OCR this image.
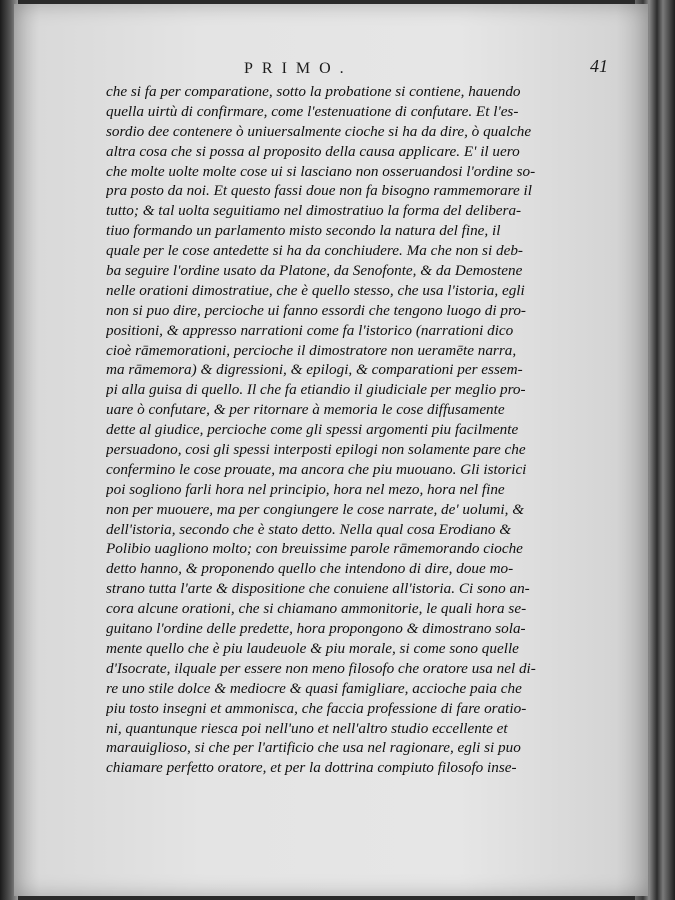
PRIMO.	41
che si fa per comparatione, sotto la probatione si contiene, hauendo
quella uirtù di confirmare, come l'estenuatione di confutare. Et l'es-
sordio dee contenere ò uniuersalmente cioche si ha da dire, ò qualche
altra cosa che si possa al proposito della causa applicare. E' il uero
che molte uolte molte cose ui si lasciano non osseruandosi l'ordine so-
pra posto da noi. Et questo fassi doue non fa bisogno rammemorare il
tutto; & tal uolta seguitiamo nel dimostratiuo la forma del delibera-
tiuo formando un parlamento misto secondo la natura del fine, il
quale per le cose antedette si ha da conchiudere. Ma che non si deb-
ba seguire l'ordine usato da Platone, da Senofonte, & da Demostene
nelle orationi dimostratiue, che è quello stesso, che usa l'istoria, egli
non si puo dire, percioche ui fanno essordi che tengono luogo di pro-
positioni, & appresso narrationi come fa l'istorico (narrationi dico
cioè rāmemorationi, percioche il dimostratore non ueramēte narra,
ma rāmemora) & digressioni, & epilogi, & comparationi per essem-
pi alla guisa di quello. Il che fa etiandio il giudiciale per meglio pro-
uare ò confutare, & per ritornare à memoria le cose diffusamente
dette al giudice, percioche come gli spessi argomenti piu facilmente
persuadono, cosi gli spessi interposti epilogi non solamente pare che
confermino le cose prouate, ma ancora che piu muouano. Gli istorici
poi sogliono farli hora nel principio, hora nel mezo, hora nel fine
non per muouere, ma per congiungere le cose narrate, de' uolumi, &
dell'istoria, secondo che è stato detto. Nella qual cosa Erodiano &
Polibio uagliono molto; con breuissime parole rāmemorando cioche
detto hanno, & proponendo quello che intendono di dire, doue mo-
strano tutta l'arte & dispositione che conuiene all'istoria. Ci sono an-
cora alcune orationi, che si chiamano ammonitorie, le quali hora se-
guitano l'ordine delle predette, hora propongono & dimostrano sola-
mente quello che è piu laudeuole & piu morale, si come sono quelle
d'Isocrate, ilquale per essere non meno filosofo che oratore usa nel di-
re uno stile dolce & mediocre & quasi famigliare, accioche paia che
piu tosto insegni et ammonisca, che faccia professione di fare oratio-
ni, quantunque riesca poi nell'uno et nell'altro studio eccellente et
marauiglioso, si che per l'artificio che usa nel ragionare, egli si puo
chiamare perfetto oratore, et per la dottrina compiuto filosofo inse-
